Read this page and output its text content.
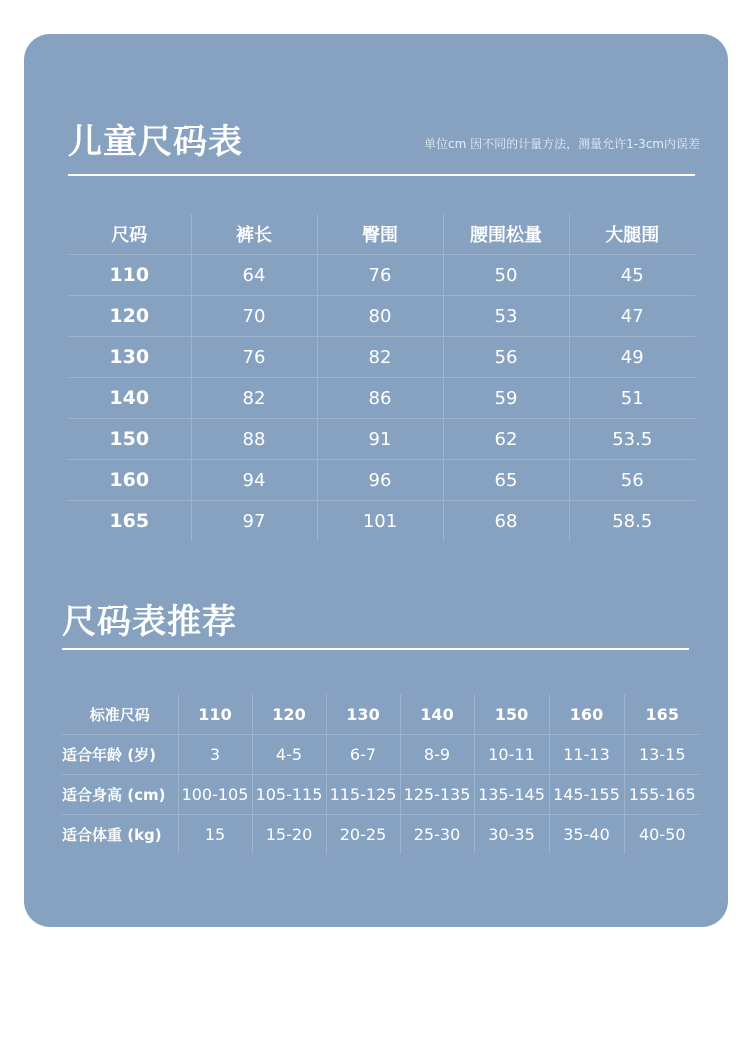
儿童尺码表	单位cm 因不同的计量方法，测量允许1-3cm内误差
尺码	裤长	臀围	腰围松量	大腿围
110	64	76	50	45
120	70	80	53	47
130	76	82	56	49
140	82	86	59	51
150	88	91	62	53.5
160	94	96	65	56
165	97	101	68	58.5
尺码表推荐
标准尺码	110	120	130	140	150	160	165
适合年龄 (岁)	3	4-5	6-7	8-9	10-11	11-13	13-15
适合身高 (cm)	100-105	105-115	115-125	125-135	135-145	145-155	155-165
适合体重 (kg)	15	15-20	20-25	25-30	30-35	35-40	40-50
